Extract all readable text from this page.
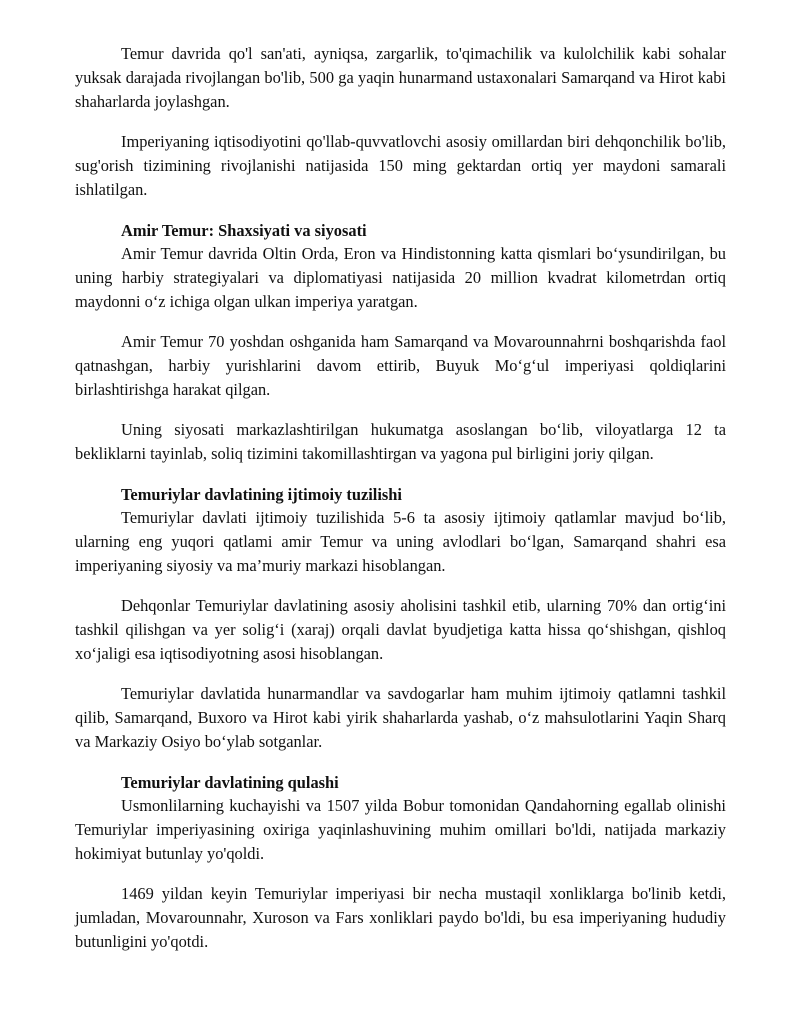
Temur davrida qo'l san'ati, ayniqsa, zargarlik, to'qimachilik va kulolchilik kabi sohalar yuksak darajada rivojlangan bo'lib, 500 ga yaqin hunarmand ustaxonalari Samarqand va Hirot kabi shaharlarda joylashgan.

Imperiyaning iqtisodiyotini qo'llab-quvvatlovchi asosiy omillardan biri dehqonchilik bo'lib, sug'orish tizimining rivojlanishi natijasida 150 ming gektardan ortiq yer maydoni samarali ishlatilgan.

Amir Temur: Shaxsiyati va siyosati

Amir Temur davrida Oltin Orda, Eron va Hindistonning katta qismlari bo‘ysundirilgan, bu uning harbiy strategiyalari va diplomatiyasi natijasida 20 million kvadrat kilometrdan ortiq maydonni o‘z ichiga olgan ulkan imperiya yaratgan.

Amir Temur 70 yoshdan oshganida ham Samarqand va Movarounnahrni boshqarishda faol qatnashgan, harbiy yurishlarini davom ettirib, Buyuk Mo‘g‘ul imperiyasi qoldiqlarini birlashtirishga harakat qilgan.

Uning siyosati markazlashtirilgan hukumatga asoslangan bo‘lib, viloyatlarga 12 ta bekliklarni tayinlab, soliq tizimini takomillashtirgan va yagona pul birligini joriy qilgan.

Temuriylar davlatining ijtimoiy tuzilishi

Temuriylar davlati ijtimoiy tuzilishida 5-6 ta asosiy ijtimoiy qatlamlar mavjud bo‘lib, ularning eng yuqori qatlami amir Temur va uning avlodlari bo‘lgan, Samarqand shahri esa imperiyaning siyosiy va ma’muriy markazi hisoblangan.

Dehqonlar Temuriylar davlatining asosiy aholisini tashkil etib, ularning 70% dan ortig‘ini tashkil qilishgan va yer solig‘i (xaraj) orqali davlat byudjetiga katta hissa qo‘shishgan, qishloq xo‘jaligi esa iqtisodiyotning asosi hisoblangan.

Temuriylar davlatida hunarmandlar va savdogarlar ham muhim ijtimoiy qatlamni tashkil qilib, Samarqand, Buxoro va Hirot kabi yirik shaharlarda yashab, o‘z mahsulotlarini Yaqin Sharq va Markaziy Osiyo bo‘ylab sotganlar.

Temuriylar davlatining qulashi

Usmonlilarning kuchayishi va 1507 yilda Bobur tomonidan Qandahorning egallab olinishi Temuriylar imperiyasining oxiriga yaqinlashuvining muhim omillari bo'ldi, natijada markaziy hokimiyat butunlay yo'qoldi.

1469 yildan keyin Temuriylar imperiyasi bir necha mustaqil xonliklarga bo'linib ketdi, jumladan, Movarounnahr, Xuroson va Fars xonliklari paydo bo'ldi, bu esa imperiyaning hududiy butunligini yo'qotdi.
